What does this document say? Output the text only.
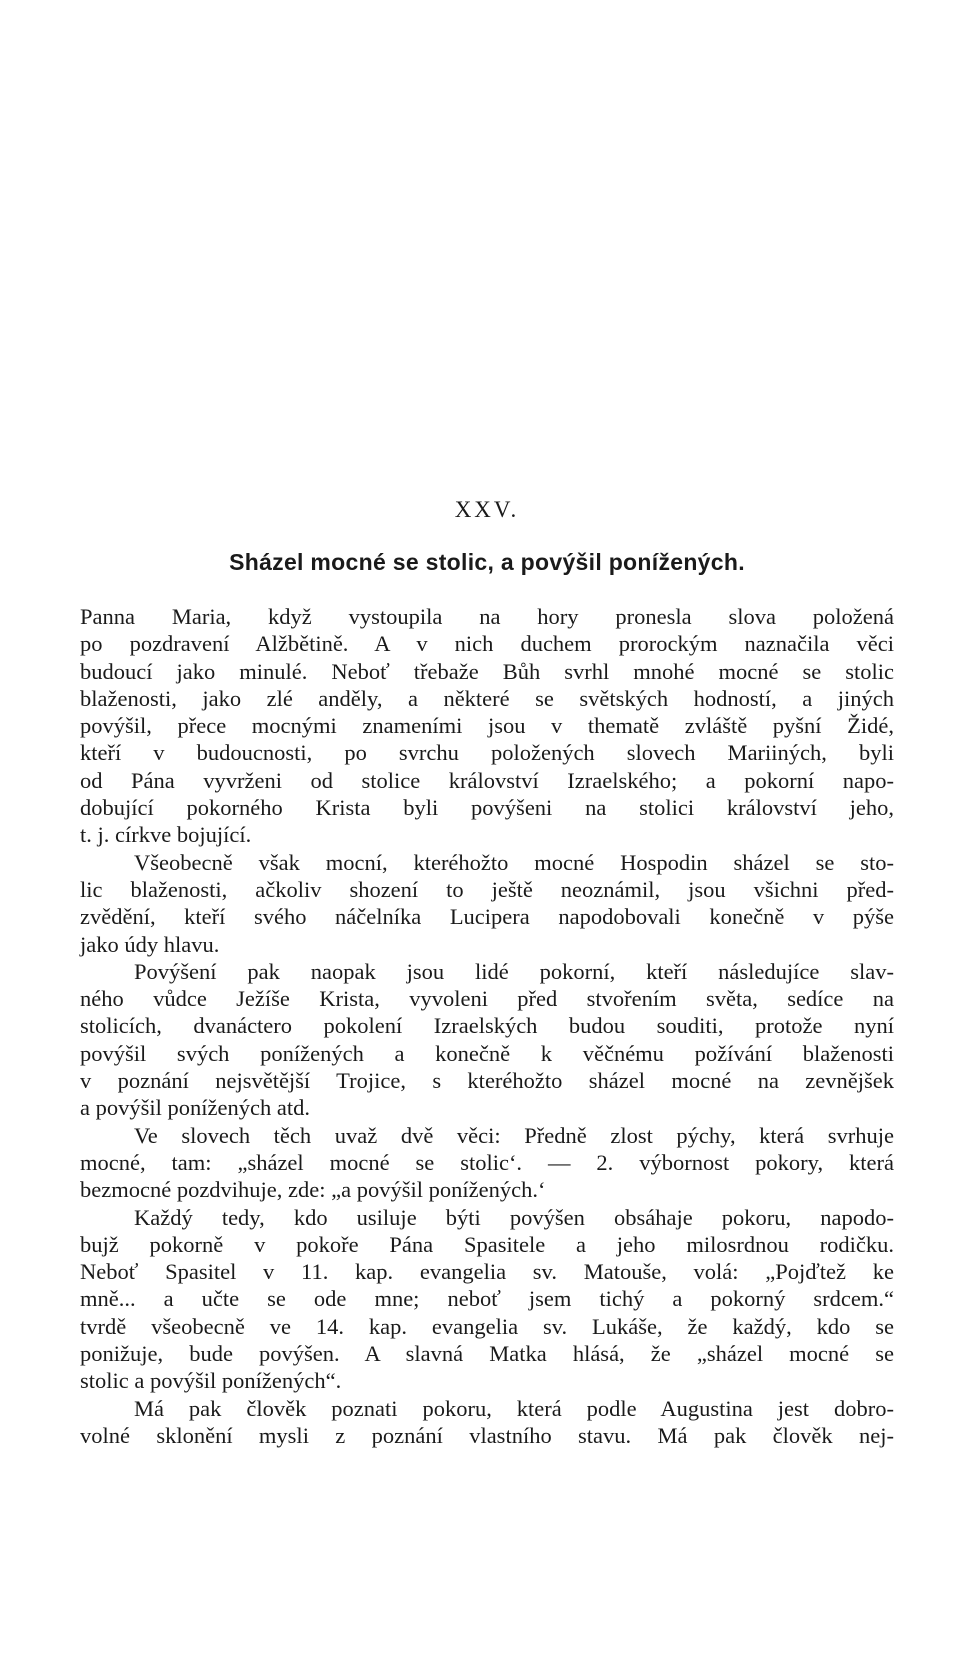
XXV.
Sházel mocné se stolic, a povýšil ponížených.

Panna Maria, když vystoupila na hory pronesla slova položená
po pozdravení Alžbětině. A v nich duchem prorockým naznačila věci
budoucí jako minulé. Neboť třebaže Bůh svrhl mnohé mocné se stolic
blaženosti, jako zlé anděly, a některé se světských hodností, a jiných
povýšil, přece mocnými znameními jsou v thematě zvláště pyšní Židé,
kteří v budoucnosti, po svrchu položených slovech Mariiných, byli
od Pána vyvrženi od stolice království Izraelského; a pokorní napo-
dobující pokorného Krista byli povýšeni na stolici království jeho,
t. j. církve bojující.

Všeobecně však mocní, kteréhožto mocné Hospodin sházel se sto-
lic blaženosti, ačkoliv shození to ještě neoznámil, jsou všichni před-
zvědění, kteří svého náčelníka Lucipera napodobovali konečně v pýše
jako údy hlavu.

Povýšení pak naopak jsou lidé pokorní, kteří následujíce slav-
ného vůdce Ježíše Krista, vyvoleni před stvořením světa, sedíce na
stolicích, dvanáctero pokolení Izraelských budou souditi, protože nyní
povýšil svých ponížených a konečně k věčnému požívání blaženosti
v poznání nejsvětější Trojice, s kteréhožto sházel mocné na zevnějšek
a povýšil ponížených atd.

Ve slovech těch uvaž dvě věci: Předně zlost pýchy, která svrhuje
mocné, tam: „sházel mocné se stolic‘. — 2. výbornost pokory, která
bezmocné pozdvihuje, zde: „a povýšil ponížených.‘

Každý tedy, kdo usiluje býti povýšen obsáhaje pokoru, napodo-
bujž pokorně v pokoře Pána Spasitele a jeho milosrdnou rodičku.
Neboť Spasitel v 11. kap. evangelia sv. Matouše, volá: „Pojďtež ke
mně... a učte se ode mne; neboť jsem tichý a pokorný srdcem.“
tvrdě všeobecně ve 14. kap. evangelia sv. Lukáše, že každý, kdo se
ponižuje, bude povýšen. A slavná Matka hlásá, že „sházel mocné se
stolic a povýšil ponížených“.

Má pak člověk poznati pokoru, která podle Augustina jest dobro-
volné sklonění mysli z poznání vlastního stavu. Má pak člověk nej-
